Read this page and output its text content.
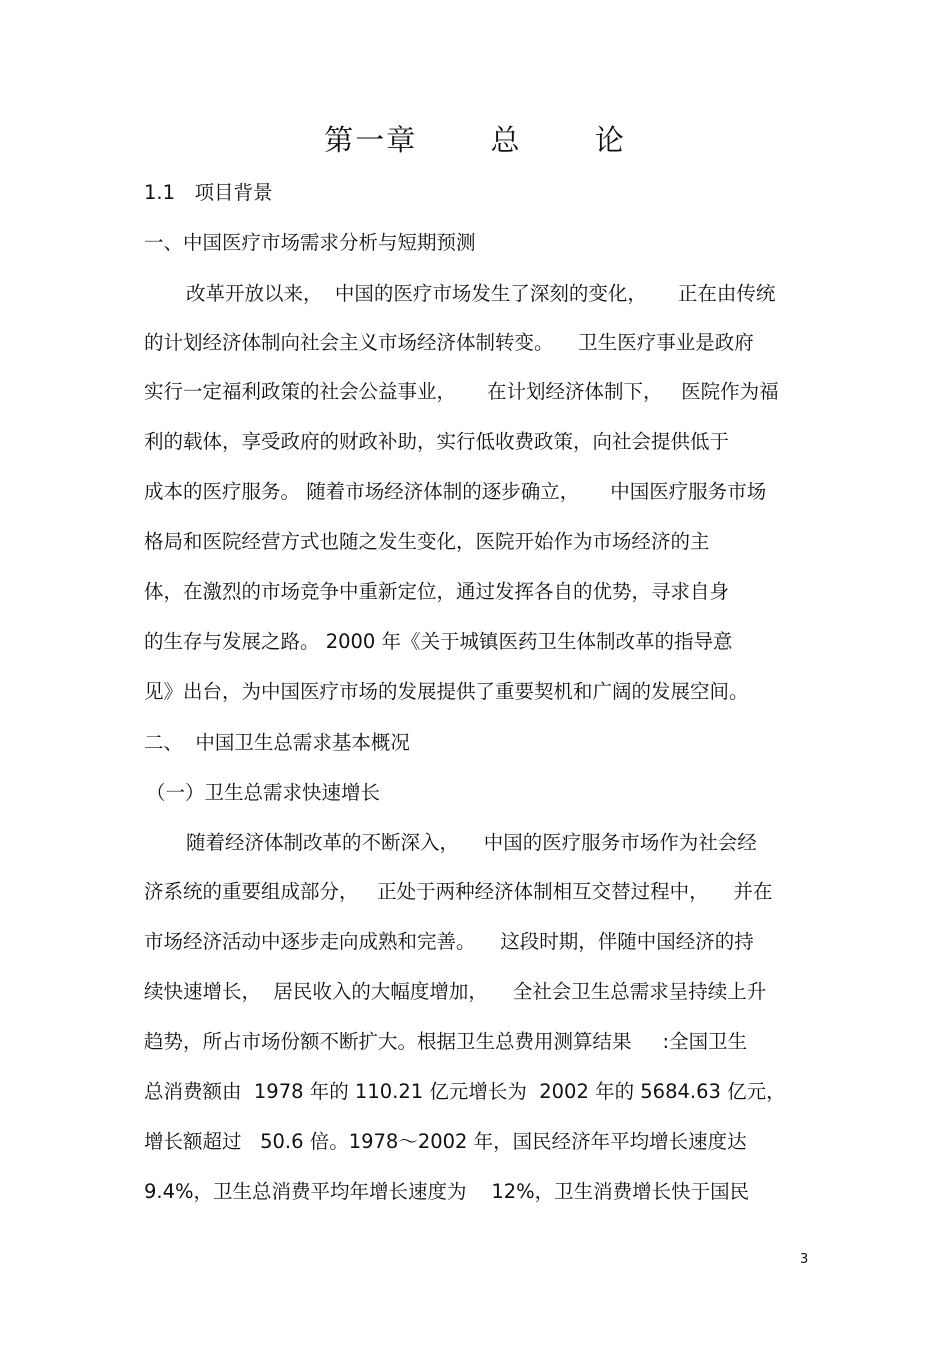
第一章　　 总　　 论
1.1　项目背景
一、中国医疗市场需求分析与短期预测
改革开放以来，  中国的医疗市场发生了深刻的变化，     正在由传统
的计划经济体制向社会主义市场经济体制转变。    卫生医疗事业是政府
实行一定福利政策的社会公益事业，     在计划经济体制下，   医院作为福
利的载体，享受政府的财政补助，实行低收费政策，向社会提供低于
成本的医疗服务。 随着市场经济体制的逐步确立，     中国医疗服务市场
格局和医院经营方式也随之发生变化，医院开始作为市场经济的主
体，在激烈的市场竞争中重新定位，通过发挥各自的优势，寻求自身
的生存与发展之路。 2000 年《关于城镇医药卫生体制改革的指导意
见》出台，为中国医疗市场的发展提供了重要契机和广阔的发展空间。
二、  中国卫生总需求基本概况
（一）卫生总需求快速增长
随着经济体制改革的不断深入，    中国的医疗服务市场作为社会经
济系统的重要组成部分，   正处于两种经济体制相互交替过程中，    并在
市场经济活动中逐步走向成熟和完善。    这段时期，伴随中国经济的持
续快速增长，  居民收入的大幅度增加，    全社会卫生总需求呈持续上升
趋势，所占市场份额不断扩大。根据卫生总费用测算结果     :全国卫生
总消费额由  1978 年的 110.21 亿元增长为  2002 年的 5684.63 亿元，
增长额超过   50.6 倍。1978～2002 年，国民经济年平均增长速度达
9.4%，卫生总消费平均年增长速度为    12%，卫生消费增长快于国民
3
